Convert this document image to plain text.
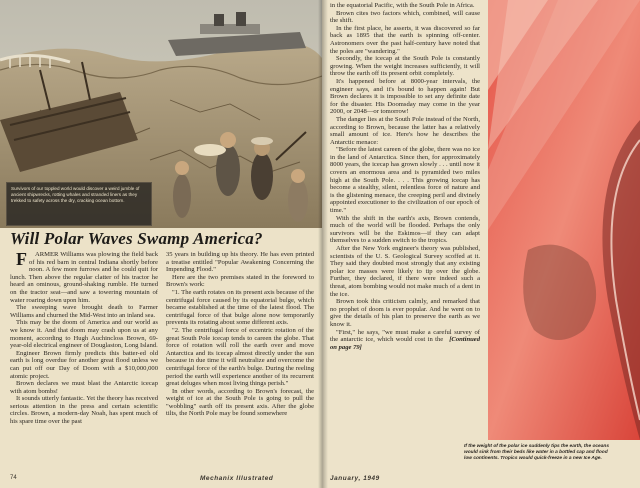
Survivors of our toppled world would discover a weird jumble of ancient shipwrecks, rotting whales and stranded liners as they trekked to safety across the dry, cracking ocean bottom.
Will Polar Waves Swamp America?

F ARMER Williams was plowing the field back of his red barn in central Indiana shortly before noon. A few more furrows and he could quit for lunch. Then above the regular clatter of his tractor he heard an ominous, ground-shaking rumble. He turned on the tractor seat—and saw a towering mountain of water roaring down upon him.

The sweeping wave brought death to Farmer Williams and churned the Mid-West into an inland sea.

This may be the doom of America and our world as we know it. And that doom may crash upon us at any moment, according to Hugh Auchincloss Brown, 69-year-old electrical engineer of Douglaston, Long Island.

Engineer Brown firmly predicts this batter-ed old earth is long overdue for another great flood unless we can put off our Day of Doom with a $10,000,000 atomic project.

Brown declares we must blast the Antarctic icecap with atom bombs!

It sounds utterly fantastic. Yet the theory has received serious attention in the press and certain scientific circles. Brown, a modern-day Noah, has spent much of his spare time over the past

35 years in building up his theory. He has even printed a treatise entitled "Popular Awakening Concerning the Impending Flood."

Here are the two premises stated in the foreword to Brown's work:

"1. The earth rotates on its present axis because of the centrifugal force caused by its equatorial bulge, which became established at the time of the latest flood. The centrifugal force of that bulge alone now temporarily prevents its rotating about some different axis.

"2. The centrifugal force of eccentric rotation of the great South Pole icecap tends to careen the globe. That force of rotation will roll the earth over and move Antarctica and its icecap almost directly under the sun because in due time it will neutralize and overcome the centrifugal force of the earth's bulge. During the reeling period the earth will experience another of its recurrent great deluges when most living things perish."

In other words, according to Brown's forecast, the weight of ice at the South Pole is going to pull the "wobbling" earth off its present axis. After the globe tilts, the North Pole may be found somewhere

74	Mechanix Illustrated

in the equatorial Pacific, with the South Pole in Africa.

Brown cites two factors which, combined, will cause the shift.

In the first place, he asserts, it was discovered so far back as 1895 that the earth is spinning off-center. Astronomers over the past half-century have noted that the poles are "wandering."

Secondly, the icecap at the South Pole is constantly growing. When the weight increases sufficiently, it will throw the earth off its present orbit completely.

It's happened before at 8000-year intervals, the engineer says, and it's bound to happen again! But Brown declares it is impossible to set any definite date for the disaster. His Doomsday may come in the year 2000, or 2048—or tomorrow!

The danger lies at the South Pole instead of the North, according to Brown, because the latter has a relatively small amount of ice. Here's how he describes the Antarctic menace:

"Before the latest careen of the globe, there was no ice in the land of Antarctica. Since then, for approximately 8000 years, the icecap has grown slowly . . . until now it covers an enormous area and is pyramided two miles high at the South Pole. . . . This growing icecap has become a stealthy, silent, relentless force of nature and is the glistening menace, the creeping peril and divinely appointed executioner to the civilization of our epoch of time."

With the shift in the earth's axis, Brown contends, much of the world will be flooded. Perhaps the only survivors will be the Eskimos—if they can adapt themselves to a sudden switch to the tropics.

After the New York engineer's theory was published, scientists of the U. S. Geological Survey scoffed at it. They said they doubted most strongly that any existing polar ice masses were likely to tip over the globe. Further, they declared, if there were indeed such a threat, atom bombing would not make much of a dent in the ice.

Brown took this criticism calmly, and remarked that no prophet of doom is ever popular. And he went on to give the details of his plan to preserve the earth as we know it.

"First," he says, "we must make a careful survey of the antarctic ice, which would cost in the [Continued on page 79]

If the weight of the polar ice suddenly tips the earth, the oceans would sink from their beds like water in a bottled cap and flood low continents. Tropics would quick-freeze in a new Ice Age.
January, 1949
